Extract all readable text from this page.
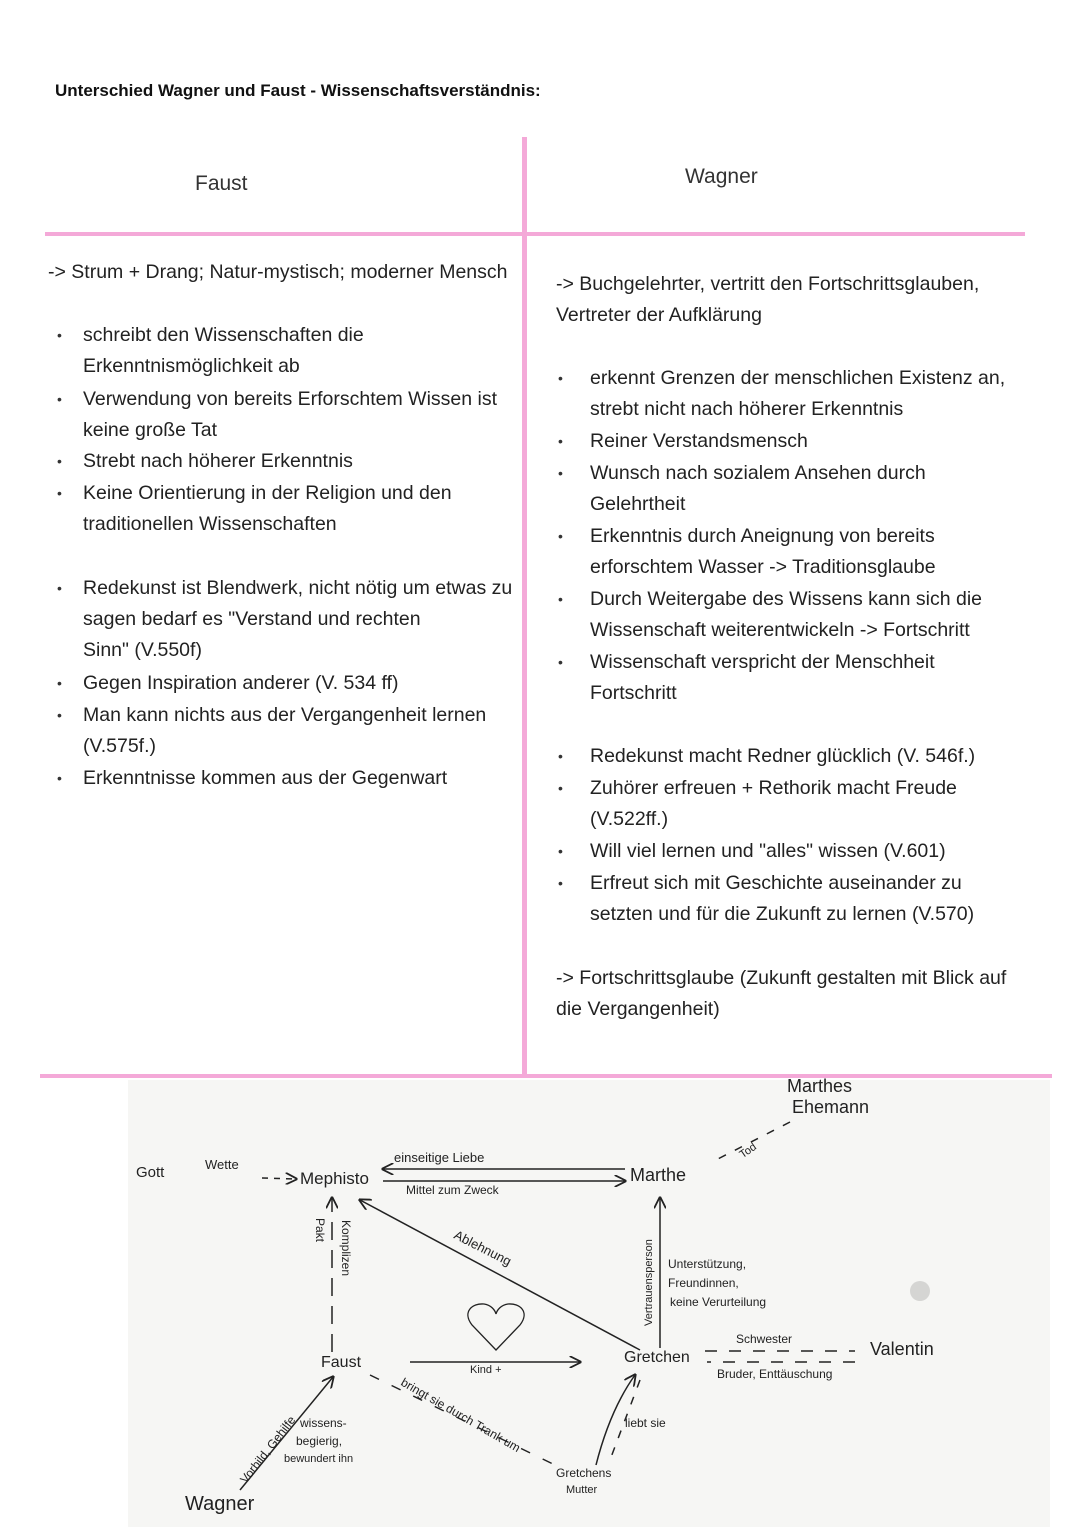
Unterschied Wagner und Faust - Wissenschaftsverständnis:
Faust	Wagner
-> Strum + Drang; Natur-mystisch; moderner Mensch
• schreibt den Wissenschaften die
Erkenntnismöglichkeit ab
• Verwendung von bereits Erforschtem Wissen ist
keine große Tat
• Strebt nach höherer Erkenntnis
• Keine Orientierung in der Religion und den
traditionellen Wissenschaften
• Redekunst ist Blendwerk, nicht nötig um etwas zu
sagen bedarf es "Verstand und rechten
Sinn" (V.550f)
• Gegen Inspiration anderer (V. 534 ff)
• Man kann nichts aus der Vergangenheit lernen
(V.575f.)
• Erkenntnisse kommen aus der Gegenwart
-> Buchgelehrter, vertritt den Fortschrittsglauben,
Vertreter der Aufklärung
• erkennt Grenzen der menschlichen Existenz an,
strebt nicht nach höherer Erkenntnis
• Reiner Verstandsmensch
• Wunsch nach sozialem Ansehen durch
Gelehrtheit
• Erkenntnis durch Aneignung von bereits
erforschtem Wasser -> Traditionsglaube
• Durch Weitergabe des Wissens kann sich die
Wissenschaft weiterentwickeln -> Fortschritt
• Wissenschaft verspricht der Menschheit
Fortschritt
• Redekunst macht Redner glücklich (V. 546f.)
• Zuhörer erfreuen + Rethorik macht Freude
(V.522ff.)
• Will viel lernen und "alles" wissen (V.601)
• Erfreut sich mit Geschichte auseinander zu
setzten und für die Zukunft zu lernen (V.570)
-> Fortschrittsglaube (Zukunft gestalten mit Blick auf
die Vergangenheit)
Gott	Wette
Mephisto
einseitige Liebe
Mittel zum Zweck
Marthe
Marthes
Ehemann
Tod
Ablehnung
Pakt Komplizen	Vertrauensperson Unterstützung,
Freundinnen,
keine Verurteilung
Faust	Kind +
Gretchen
Schwester	Valentin
Bruder, Enttäuschung
liebt sie
bringt sie durch Trank um
Vorbild, Gehilfe wissens-
begierig,
bewundert ihn
Gretchens
Mutter
Wagner
